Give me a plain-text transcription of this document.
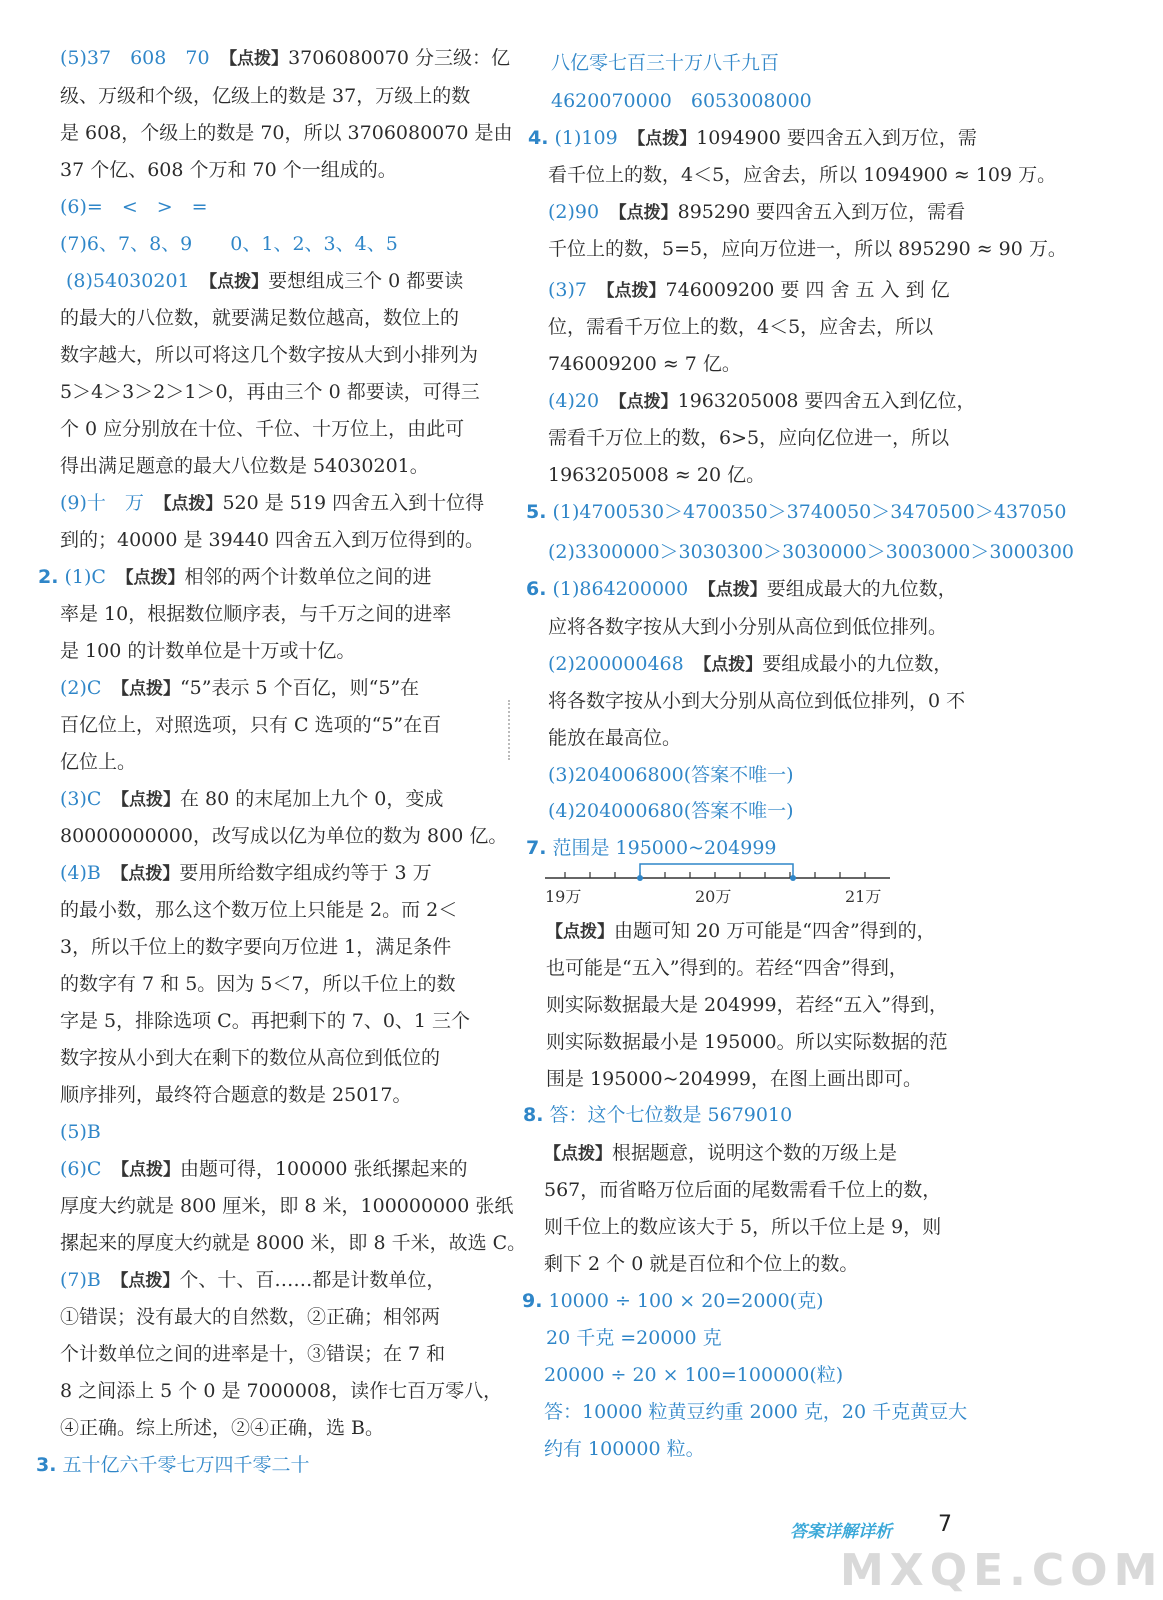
(5)37　608　70　 【点拨】3706080070 分三级：亿
级、万级和个级，亿级上的数是 37，万级上的数
是 608，个级上的数是 70，所以 3706080070 是由
37 个亿、608 个万和 70 个一组成的。
(6)=　<　>　=
(7)6、7、8、9　　0、1、2、3、4、5
(8)54030201　 【点拨】要想组成三个 0 都要读
的最大的八位数，就要满足数位越高，数位上的
数字越大，所以可将这几个数字按从大到小排列为
5＞4＞3＞2＞1＞0，再由三个 0 都要读，可得三
个 0 应分别放在十位、千位、十万位上，由此可
得出满足题意的最大八位数是 54030201。
(9)十　万　 【点拨】520 是 519 四舍五入到十位得
到的；40000 是 39440 四舍五入到万位得到的。
2. (1)C　 【点拨】相邻的两个计数单位之间的进
率是 10，根据数位顺序表，与千万之间的进率
是 100 的计数单位是十万或十亿。
(2)C　 【点拨】“5”表示 5 个百亿，则“5”在
百亿位上，对照选项，只有 C 选项的“5”在百
亿位上。
(3)C　 【点拨】在 80 的末尾加上九个 0，变成
80000000000，改写成以亿为单位的数为 800 亿。
(4)B　 【点拨】要用所给数字组成约等于 3 万
的最小数，那么这个数万位上只能是 2。而 2＜
3，所以千位上的数字要向万位进 1，满足条件
的数字有 7 和 5。因为 5＜7，所以千位上的数
字是 5，排除选项 C。再把剩下的 7、0、1 三个
数字按从小到大在剩下的数位从高位到低位的
顺序排列，最终符合题意的数是 25017。
(5)B
(6)C　 【点拨】由题可得，100000 张纸摞起来的
厚度大约就是 800 厘米，即 8 米，100000000 张纸
摞起来的厚度大约就是 8000 米，即 8 千米，故选 C。
(7)B　 【点拨】个、十、百……都是计数单位，
①错误；没有最大的自然数，②正确；相邻两
个计数单位之间的进率是十，③错误；在 7 和
8 之间添上 5 个 0 是 7000008，读作七百万零八，
④正确。综上所述，②④正确，选 B。
3. 五十亿六千零七万四千零二十
八亿零七百三十万八千九百
4620070000　6053008000
4. (1)109　 【点拨】1094900 要四舍五入到万位，需
看千位上的数，4＜5，应舍去，所以 1094900 ≈ 109 万。
(2)90　 【点拨】895290 要四舍五入到万位，需看
千位上的数，5=5，应向万位进一，所以 895290 ≈ 90 万。
(3)7　 【点拨】746009200 要 四 舍 五 入 到 亿
位，需看千万位上的数，4＜5，应舍去，所以
746009200 ≈ 7 亿。
(4)20　 【点拨】1963205008 要四舍五入到亿位，
需看千万位上的数，6>5，应向亿位进一，所以
1963205008 ≈ 20 亿。
5. (1)4700530＞4700350＞3740050＞3470500＞437050
(2)3300000＞3030300＞3030000＞3003000＞3000300
6. (1)864200000　 【点拨】要组成最大的九位数，
应将各数字按从大到小分别从高位到低位排列。
(2)200000468　 【点拨】要组成最小的九位数，
将各数字按从小到大分别从高位到低位排列，0 不
能放在最高位。
(3)204006800(答案不唯一)
(4)204000680(答案不唯一)
7. 范围是 195000~204999
【点拨】由题可知 20 万可能是“四舍”得到的，
也可能是“五入”得到的。若经“四舍”得到，
则实际数据最大是 204999，若经“五入”得到，
则实际数据最小是 195000。所以实际数据的范
围是 195000~204999，在图上画出即可。
8. 答：这个七位数是 5679010
【点拨】根据题意，说明这个数的万级上是
567，而省略万位后面的尾数需看千位上的数，
则千位上的数应该大于 5，所以千位上是 9，则
剩下 2 个 0 就是百位和个位上的数。
9. 10000 ÷ 100 × 20=2000(克)
20 千克 =20000 克
20000 ÷ 20 × 100=100000(粒)
答：10000 粒黄豆约重 2000 克，20 千克黄豆大
约有 100000 粒。
19万	20万	21万
答案详解详析 7
MXQE.COM
